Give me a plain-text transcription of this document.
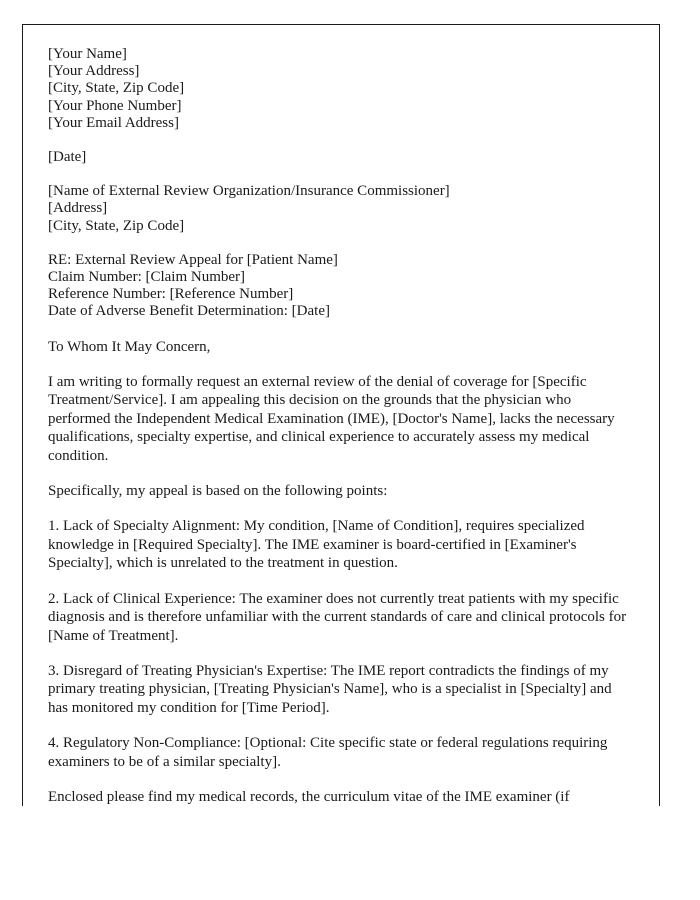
[Your Name]
[Your Address]
[City, State, Zip Code]
[Your Phone Number]
[Your Email Address]
[Date]
[Name of External Review Organization/Insurance Commissioner]
[Address]
[City, State, Zip Code]
RE: External Review Appeal for [Patient Name]
Claim Number: [Claim Number]
Reference Number: [Reference Number]
Date of Adverse Benefit Determination: [Date]

To Whom It May Concern,

I am writing to formally request an external review of the denial of coverage for [Specific Treatment/Service]. I am appealing this decision on the grounds that the physician who performed the Independent Medical Examination (IME), [Doctor's Name], lacks the necessary qualifications, specialty expertise, and clinical experience to accurately assess my medical condition.

Specifically, my appeal is based on the following points:

1. Lack of Specialty Alignment: My condition, [Name of Condition], requires specialized knowledge in [Required Specialty]. The IME examiner is board-certified in [Examiner's Specialty], which is unrelated to the treatment in question.

2. Lack of Clinical Experience: The examiner does not currently treat patients with my specific diagnosis and is therefore unfamiliar with the current standards of care and clinical protocols for [Name of Treatment].

3. Disregard of Treating Physician's Expertise: The IME report contradicts the findings of my primary treating physician, [Treating Physician's Name], who is a specialist in [Specialty] and has monitored my condition for [Time Period].

4. Regulatory Non-Compliance: [Optional: Cite specific state or federal regulations requiring examiners to be of a similar specialty].

Enclosed please find my medical records, the curriculum vitae of the IME examiner (if
